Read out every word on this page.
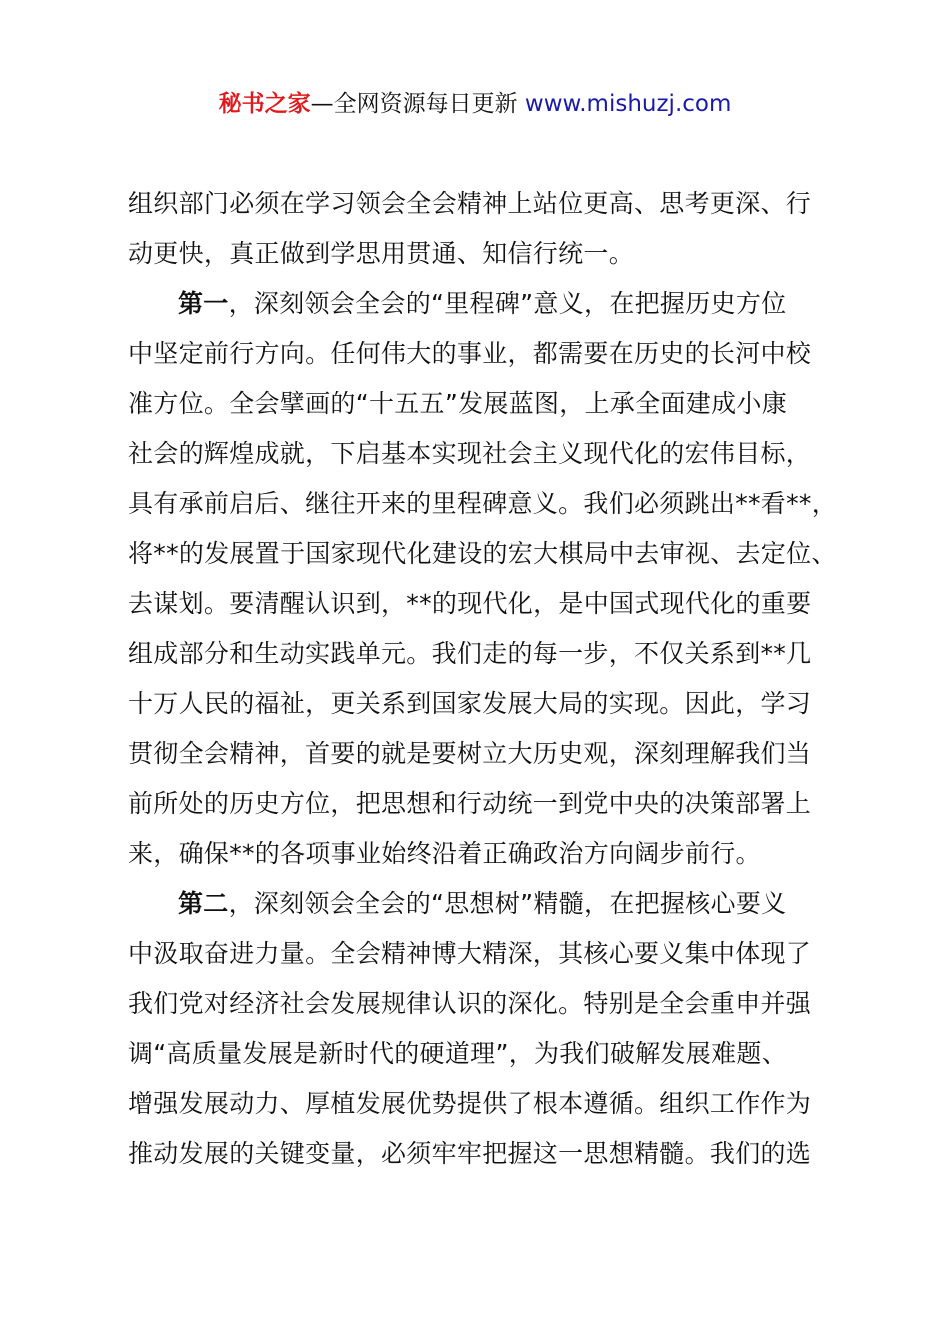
秘书之家—全网资源每日更新 www.mishuzj.com
组织部门必须在学习领会全会精神上站位更高、思考更深、行
动更快，真正做到学思用贯通、知信行统一。
第一，深刻领会全会的“里程碑”意义，在把握历史方位
中坚定前行方向。任何伟大的事业，都需要在历史的长河中校
准方位。全会擘画的“十五五”发展蓝图，上承全面建成小康
社会的辉煌成就，下启基本实现社会主义现代化的宏伟目标，
具有承前启后、继往开来的里程碑意义。我们必须跳出**看**，
将**的发展置于国家现代化建设的宏大棋局中去审视、去定位、
去谋划。要清醒认识到，**的现代化，是中国式现代化的重要
组成部分和生动实践单元。我们走的每一步，不仅关系到**几
十万人民的福祉，更关系到国家发展大局的实现。因此，学习
贯彻全会精神，首要的就是要树立大历史观，深刻理解我们当
前所处的历史方位，把思想和行动统一到党中央的决策部署上
来，确保**的各项事业始终沿着正确政治方向阔步前行。
第二，深刻领会全会的“思想树”精髓，在把握核心要义
中汲取奋进力量。全会精神博大精深，其核心要义集中体现了
我们党对经济社会发展规律认识的深化。特别是全会重申并强
调“高质量发展是新时代的硬道理”，为我们破解发展难题、
增强发展动力、厚植发展优势提供了根本遵循。组织工作作为
推动发展的关键变量，必须牢牢把握这一思想精髓。我们的选
